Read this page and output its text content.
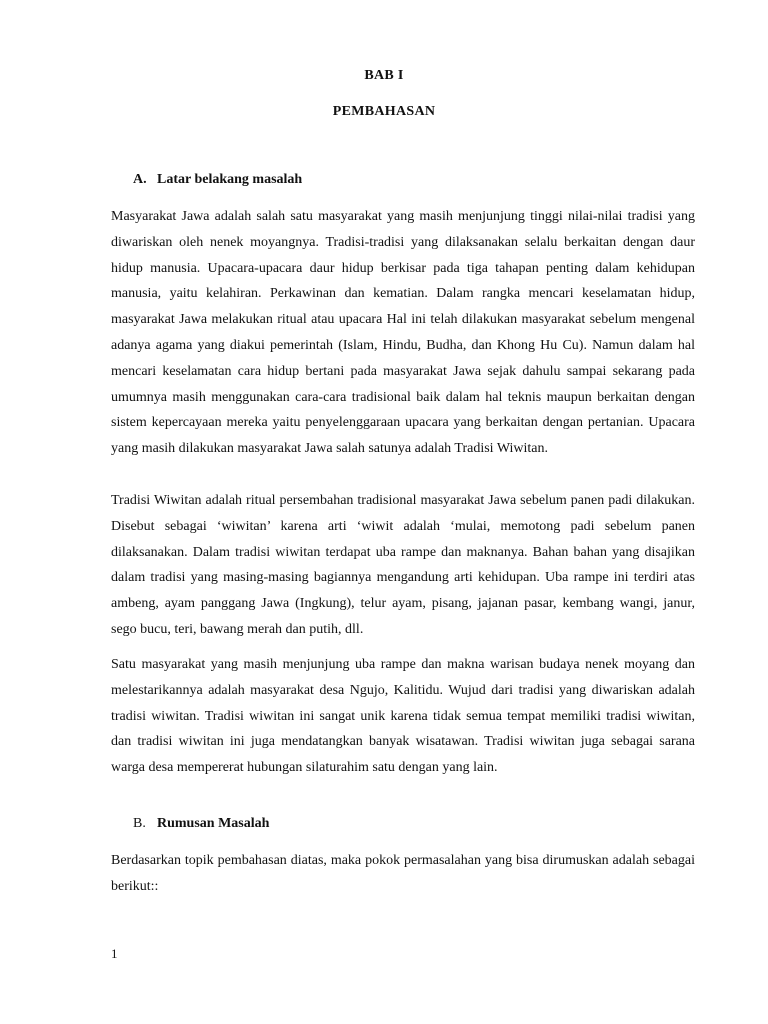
BAB I
PEMBAHASAN
A. Latar belakang masalah

Masyarakat Jawa adalah salah satu masyarakat yang masih menjunjung tinggi nilai-nilai tradisi yang diwariskan oleh nenek moyangnya. Tradisi-tradisi yang dilaksanakan selalu berkaitan dengan daur hidup manusia. Upacara-upacara daur hidup berkisar pada tiga tahapan penting dalam kehidupan manusia, yaitu kelahiran. Perkawinan dan kematian. Dalam rangka mencari keselamatan hidup, masyarakat Jawa melakukan ritual atau upacara Hal ini telah dilakukan masyarakat sebelum mengenal adanya agama yang diakui pemerintah (Islam, Hindu, Budha, dan Khong Hu Cu). Namun dalam hal mencari keselamatan cara hidup bertani pada masyarakat Jawa sejak dahulu sampai sekarang pada umumnya masih menggunakan cara-cara tradisional baik dalam hal teknis maupun berkaitan dengan sistem kepercayaan mereka yaitu penyelenggaraan upacara yang berkaitan dengan pertanian. Upacara yang masih dilakukan masyarakat Jawa salah satunya adalah Tradisi Wiwitan.

Tradisi Wiwitan adalah ritual persembahan tradisional masyarakat Jawa sebelum panen padi dilakukan. Disebut sebagai ‘wiwitan’ karena arti ‘wiwit adalah ‘mulai, memotong padi sebelum panen dilaksanakan. Dalam tradisi wiwitan terdapat uba rampe dan maknanya. Bahan bahan yang disajikan dalam tradisi yang masing-masing bagiannya mengandung arti kehidupan. Uba rampe ini terdiri atas ambeng, ayam panggang Jawa (Ingkung), telur ayam, pisang, jajanan pasar, kembang wangi, janur, sego bucu, teri, bawang merah dan putih, dll.

Satu masyarakat yang masih menjunjung uba rampe dan makna warisan budaya nenek moyang dan melestarikannya adalah masyarakat desa Ngujo, Kalitidu. Wujud dari tradisi yang diwariskan adalah tradisi wiwitan. Tradisi wiwitan ini sangat unik karena tidak semua tempat memiliki tradisi wiwitan, dan tradisi wiwitan ini juga mendatangkan banyak wisatawan. Tradisi wiwitan juga sebagai sarana warga desa mempererat hubungan silaturahim satu dengan yang lain.

B. Rumusan Masalah

Berdasarkan topik pembahasan diatas, maka pokok permasalahan yang bisa dirumuskan adalah sebagai berikut::

1
